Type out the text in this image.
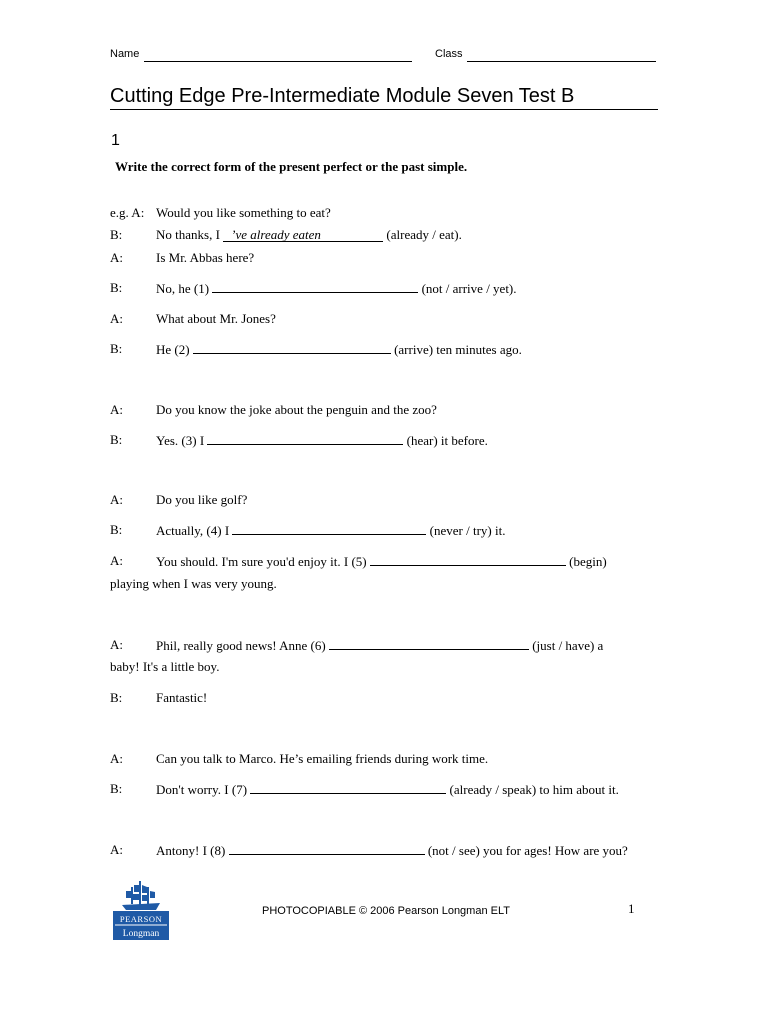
Name	Class
Cutting Edge Pre-Intermediate Module Seven Test B
1
Write the correct form of the present perfect or the past simple.
e.g. A: Would you like something to eat?
B:	No thanks, I ’ve already eaten	(already / eat).
A:	Is Mr. Abbas here?
B:	No, he (1)	(not / arrive / yet).
A:	What about Mr. Jones?
B:	He (2)	(arrive) ten minutes ago.
A:	Do you know the joke about the penguin and the zoo?
B:	Yes. (3) I	(hear) it before.
A:	Do you like golf?
B:	Actually, (4) I	(never / try) it.
A:	You should. I'm sure you'd enjoy it. I (5)	(begin)
playing when I was very young.
A:	Phil, really good news! Anne (6)	(just / have) a
baby! It's a little boy.
B:	Fantastic!
A:	Can you talk to Marco. He’s emailing friends during work time.
B:	Don't worry. I (7)	(already / speak) to him about it.
A:	Antony! I (8)	(not / see) you for ages! How are you?
PEARSON
Longman
PHOTOCOPIABLE © 2006 Pearson Longman ELT	1
